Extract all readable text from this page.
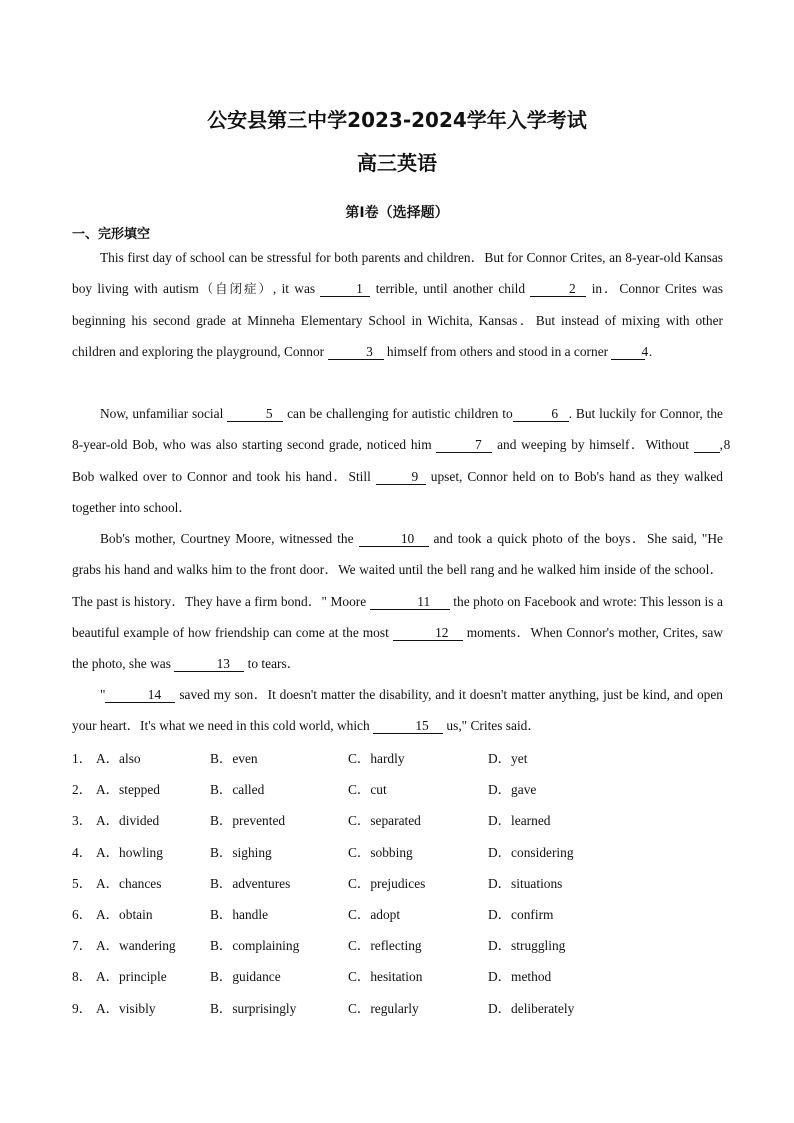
公安县第三中学2023-2024学年入学考试
高三英语
第I卷（选择题）
一、完形填空

This first day of school can be stressful for both parents and children．But for Connor Crites, an 8-year-old Kansas boy living with autism（自闭症）, it was	1 terrible, until another child	2 in．Connor Crites was beginning his second grade at Minneha Elementary School in Wichita, Kansas．But instead of mixing with other children and exploring the playground, Connor	3 himself from others and stood in a corner 4 .

Now, unfamiliar social	5 can be challenging for autistic children to	6 . But luckily for Connor, the 8-year-old Bob, who was also starting second grade, noticed him	7 and weeping by himself．Without	8, Bob walked over to Connor and took his hand．Still	9 upset, Connor held on to Bob's hand as they walked together into school．

Bob's mother, Courtney Moore, witnessed the	10 and took a quick photo of the boys．She said, "He grabs his hand and walks him to the front door．We waited until the bell rang and he walked him inside of the school．The past is history．They have a firm bond．" Moore	11 the photo on Facebook and wrote: This lesson is a beautiful example of how friendship can come at the most	12 moments．When Connor's mother, Crites, saw the photo, she was	13 to tears．

"	14 saved my son．It doesn't matter the disability, and it doesn't matter anything, just be kind, and open your heart．It's what we need in this cold world, which	15 us," Crites said．

1． A．also	B．even	C．hardly	D．yet
2． A．stepped	B．called	C．cut	D．gave
3． A．divided	B．prevented	C．separated	D．learned
4． A．howling	B．sighing	C．sobbing	D．considering
5． A．chances	B．adventures	C．prejudices	D．situations
6． A．obtain	B．handle	C．adopt	D．confirm
7． A．wandering	B．complaining	C．reflecting	D．struggling
8． A．principle	B．guidance	C．hesitation	D．method
9． A．visibly	B．surprisingly	C．regularly	D．deliberately
